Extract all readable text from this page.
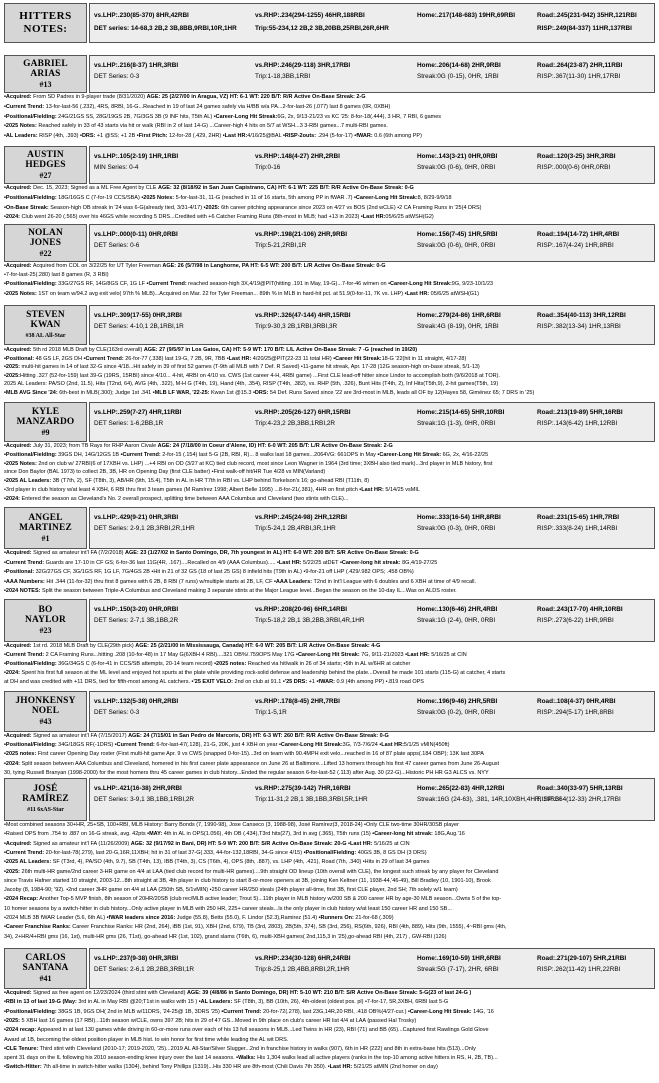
HITTERS NOTES:
vs.LHP:.230(85-370) 8HR,42RBI	vs.RHP:.234(294-1255) 46HR,188RBI	Home:.217(148-683) 19HR,69RBI	Road:.245(231-942) 35HR,121RBI
DET series: 14-68,3 2B,2 3B,8BB,9RBI,10R,1HR	Trip:55-234,12 2B,2 3B,20BB,25RBI,26R,6HR	RISP:.249(84-337) 11HR,137RBI
GABRIEL
ARIAS
#13
vs.LHP:.216(8-37) 1HR,3RBI	vs.RHP:.246(29-118) 3HR,17RBI	Home:.206(14-68) 2HR,9RBI	Road:.264(23-87) 2HR,11RBI
DET Series: 0-3	Trip:1-18,3BB,1RBI	Streak:0G (0-15), 0HR, 1RBI	RISP:.367(11-30) 1HR,17RBI
•Acquired: From SD Padres in 9-player trade (8/31/2020) AGE: 25 (2/27/00 in Aragua, VZ) HT: 6-1 WT: 220 B/T: R/R Active On-Base Streak: 2-G
•Current Trend: 13-for-last-56 (.232), 4RS, 8RBI, 16-G...Reached in 19 of last 24 games safely via H/BB w/a PA...2-for-last-26 (.077) last 8 games (0R, 0XBH)
•Positional/Fielding: 24G/21GS SS, 28G/19GS 2B, 7G/3GS 3B (9 INF hits, T5th AL) •Career-Long Hit Streak:6G, 2x, 9/13-21/23 vs KC '25: 8-for-18(.444), 3 HR, 7 RBI, 6 games
•2025 Notes: Reached safely in 33 of 43 starts via hit or walk (RBI in 2 of last 14-G) ...Career-high 4 hits on 5/7 at WSH...3 3-RBI games...7 multi-RBI games.
•AL Leaders: RISP (4th, .393) •DRS: +1 @SS; +1 2B •First Pitch: 12-for-28 (.429, 2HR) •Last HR:4/16/25@BAL •RISP-2outs: .294 (5-for-17) •fWAR: 0.6 (6th among PP)
AUSTIN
HEDGES
#27
vs.LHP:.105(2-19) 1HR,1RBI	vs.RHP:.148(4-27) 2HR,2RBI	Home:.143(3-21) 0HR,0RBI	Road:.120(3-25) 3HR,3RBI
MIN Series: 0-4	Trip:0-16	Streak:0G (0-6), 0HR, 0RBI	RISP:.000(0-6) 0HR,0RBI
•Acquired: Dec. 15, 2023; Signed as a ML Free Agent by CLE AGE: 32 (8/18/92 in San Juan Capistrano, CA) HT: 6-1 WT: 225 B/T: R/R Active On-Base Streak: 0-G
•Positional/Fielding: 18G/16GS C (7-for-19 CCS/SBA) •2025 Notes: 5-for-last-31, 11-G (reached in 11 of 16 starts, 5th among PP in fWAR .7) •Career-Long Hit Streak:8, 8/29-9/9/18
•On-Base Streak: Season-high OB streak in '24 was 6-G(already tied, 3/31-4/17) •2025: 6th career pitching appearance since 2023 on 4/27 vs BOS (2nd wCLE) •2 CA Framing Runs in '25(4 DRS)
•2024: Club went 26-20 (.565) over his 46GS while recording 5 DRS...Credited with +6 Catcher Framing Runs (8th-most in MLB; had +13 in 2023) •Last HR:05/6/25 atWSH(G2)
NOLAN
JONES
#22
vs.LHP:.000(0-11) 0HR,0RBI	vs.RHP:.198(21-106) 2HR,9RBI	Home:.156(7-45) 1HR,5RBI	Road:.194(14-72) 1HR,4RBI
DET Series: 0-6	Trip:5-21,2RBI,1R	Streak:0G (0-6), 0HR, 0RBI	RISP:.167(4-24) 1HR,8RBI
•Acquired: Acquired from COL on 3/22/25 for UT Tyler Freeman AGE: 26 (5/7/98 in Langhorne, PA HT: 6-5 WT: 200 B/T: L/R Active On-Base Streak: 0-G
•7-for-last-25(.280) last 8 games (R, 3 RBI)
•Positional/Fielding: 33G/27GS RF, 14G/8GS CF, 1G LF •Current Trend: reached season-high 3X,4/19@PIT(hitting .191 in May, 19-G)...7-for-46 w/men on •Career-Long Hit Streak:9G, 9/23-10/1/23
•2025 Notes: 1ST on team w/94.2 avg exit velo( 97th % MLB)...Acquired on Mar. 22 for Tyler Freeman... 89th % in MLB in hard-hit pct. at 51.9(0-for-11, 7K vs. LHP) •Last HR: 05/6/25 atWSH(G1)
STEVEN
KWAN
#38 AL All-Star
vs.LHP:.309(17-55) 0HR,3RBI	vs.RHP:.326(47-144) 4HR,15RBI	Home:.279(24-86) 1HR,6RBI	Road:.354(40-113) 3HR,12RBI
DET Series: 4-10,1 2B,1RBI,1R	Trip:9-30,3 2B,1RBI,3RBI,3R	Streak:4G (8-19), 0HR, 1RBI	RISP:.382(13-34) 1HR,13RBI
•Acquired: 5th rd 2018 MLB Draft by CLE(163rd overall) AGE: 27 (9/5/97 in Los Gatos, CA) HT: 5-9 WT: 170 B/T: L/L Active On-Base Streak: 7 -G (reached in 19/20)
•Positional: 48 GS LF, 2GS DH •Current Trend: 26-for-77 (.338) last 19-G, 7 2B, 9R, 7BB •Last HR: 4/20/25@PIT(22-23 11 total HR) •Career Hit Streak:18-G '22(hit in 11 straight, 4/17-28)
•2025: multi-hit games in 14 of last 32-G since 4/18...Hit safely in 39 of first 52 games (T-9th all MLB with 7 Def. R Saved) •11-game hit streak, Apr. 17-28 (12G season-high on-base streak, 5/1-13)
•2025:Hitting .327 (52-for-159) last 39-G (19RS, 15RBI) since 4/10... 4-hit, 4RBI on 4/10 vs. CWS (1st career 4-H, 4RBI game) ...First CLE lead-off hitter since Lindor to accomplish both (9/6/2018 at TOR).
2025 AL Leaders: PA/SO (2nd, 11.5), Hits (T2nd, 64), AVG (4th, .322), M-H G (T4th, 19), Hand (4th, .354), RISP (T4th, .382), vs. RHP (5th, .326), Bunt Hits (T4th, 2), Inf Hits(T5th,9), 2-hit games(T5th, 19)
•MLB AVG Since '24: 6th-best in MLB(.300); Judge 1st .341 •MLB LF WAR, '22-25: Kwan 1st @15.3 •DRS: 54 Def. Runs Saved since '22 are 3rd-most in MLB, leads all OF by 12(Hayes 58, Giménez 65; 7 DRS in '25)
KYLE
MANZARDO
#9
vs.LHP:.259(7-27) 4HR,11RBI	vs.RHP:.205(26-127) 6HR,15RBI	Home:.215(14-65) 5HR,10RBI	Road:.213(19-89) 5HR,16RBI
DET Series: 1-6,2BB,1R	Trip:4-23,2 2B,3BB,1RBI,2R	Streak:1G (1-3), 0HR, 0RBI	RISP:.143(6-42) 1HR,12RBI
•Acquired: July 31, 2023; from TB Rays for RHP Aaron Civale AGE: 24 (7/18/00 in Coeur d'Alene, ID) HT: 6-0 WT: 205 B/T: L/R Active On-Base Streak: 2-G
•Positional/Fielding: 39GS DH, 14G/12GS 1B •Current Trend: 2-for-15 (.154) last 5-G (2B, RBI, R)... 8 walks last 18 games...2064VG: 661OPS in May •Career-Long Hit Streak: 6G, 2x, 4/16-22/25
•2025 Notes: 2nd on club w/ 27RBI(6 of 17XBH vs. LHP) ...+4 RBI on OD (3/27 at KC) tied club record, most since Leon Wagner in 1964 (3rd time; 3XBH also tied mark)...3rd player in MLB history, first
since Don Baylor (BAL 1973) to collect 2B, 3B, HR on Opening Day (first CLE batter) •First walk-off hit/HR Tue 4/28 vs MIN(Varland)
•2025 AL Leaders: 3B (T7th, 2), SF (T8th, 3), AB/HR (9th, 15.4), T5th in AL in HR T7th in RBI vs. LHP behind Torkelson's 16; go-ahead RBI (T11th, 8)
•3rd player in club history w/at least 4 XBH, 6 RBI thru first 3 team games (M Ramírez 1998; Albert Belle 1995) ...8-for-21(.381), 4HR on first pitch •Last HR: 5/14/25 vsMIL
•2024: Entered the season as Cleveland's No. 2 overall prospect, splitting time between AAA Columbus and Cleveland (two stints with CLE)...
ANGEL
MARTINEZ
#1
vs.LHP:.429(9-21) 0HR,3RBI	vs.RHP:.245(24-98) 2HR,12RBI	Home:.333(16-54) 1HR,8RBI	Road:.231(15-65) 1HR,7RBI
DET Series: 2-9,1 2B,3RBI,2R,1HR	Trip:5-24,1 2B,4RBI,3R,1HR	Streak:0G (0-3), 0HR, 0RBI	RISP:.333(8-24) 1HR,14RBI
•Acquired: Signed as amateur int'l FA (7/2/2018) AGE: 23 (1/27/02 in Santo Domingo, DR, 7th youngest in AL) HT: 6-0 WT: 200 B/T: S/R Active On-Base Streak: 0-G
•Current Trend: Guards are 17-10 in CF GS; 6-for-36 last 11G(4R, .167)....Recalled on 4/9 (AAA Columbus)..... •Last HR: 5/22/25 atDET •Career-long hit streak: 8G,4/19-27/25
•Positional: 32G/27GS CF, 3G/1GS RF, 1G LF, 7G/4GS 2B •Hit in 21 of 32 GS (18 of last 25 GS) 8 infield hits (T9th in AL) •9-for-21 off LHP (.429/.982 OPS; .458 OB%)
•AAA Numbers: Hit .344 (11-for-32) thru first 8 games with 6 2B, 8 RBI (7 runs) w/multiple starts at 2B, LF, CF •AAA Leaders: T2nd in Int'l League with 6 doubles and 6 XBH at time of 4/9 recall.
•2024 NOTES: Split the season between Triple-A Columbus and Cleveland making 3 separate stints at the Major League level...Began the season on the 10-day IL...Was on ALDS roster.
BO
NAYLOR
#23
vs.LHP:.150(3-20) 0HR,0RBI	vs.RHP:.208(20-96) 6HR,14RBI	Home:.130(6-46) 2HR,4RBI	Road:.243(17-70) 4HR,10RBI
DET Series: 2-7,1 3B,1BB,2R	Trip:5-18,2 2B,1 3B,2BB,3RBI,4R,1HR	Streak:1G (2-4), 0HR, 0RBI	RISP:.273(6-22) 1HR,9RBI
•Acquired: 1st rd. 2018 MLB Draft by CLE(29th pick) AGE: 25 (2/21/00 in Mississauga, Canada) HT: 6-0 WT: 205 B/T: L/R Active On-Base Streak: 4-G
•Current Trend: 2 CA Framing Runs...hitting .208 (10-for-48) in 17 May G(6XBH 4 RBI)....321 OB%/.759OPS May 17G •Career-Long Hit Streak: 7G, 9/11-21/2023 •Last HR: 5/16/25 at CIN
•Positional/Fielding: 36G/34GS C (6-for-41 in CCS/SB attempts, 20-14 team record) •2025 notes: Reached via hit/walk in 26 of 34 starts; •5th in AL w/6HR at catcher
•2024: Spent his first full season at the ML level and enjoyed hot spurts at the plate while providing rock-solid defense and leadership behind the plate...Overall he made 101 starts (115-G) at catcher, 4 starts
at DH and was credited with +11 DRS, tied for fifth-most among AL catchers. •'25 EXIT VELO: 2nd on club at 91.1 •'25 DRS: +1 •fWAR: 0.9 (4th among PP) •.819 road OPS
JHONKENSY
NOEL
#43
vs.LHP:.132(5-38) 0HR,2RBI	vs.RHP:.178(8-45) 2HR,7RBI	Home:.196(9-46) 2HR,5RBI	Road:.108(4-37) 0HR,4RBI
DET Series: 0-3	Trip:1-5,1R	Streak:0G (0-2), 0HR, 0RBI	RISP:.294(5-17) 1HR,8RBI
•Acquired: Signed as amateur int'l FA (7/15/2017) AGE: 24 (7/15/01 in San Pedro de Marcoris, DR) HT: 6-3 WT: 260 B/T: R/R Active On-Base Streak: 0-G
•Positional/Fielding: 34G/18GS RF(-1DRS) •Current Trend: 6-for-last-47(.128), 21-G, 20K, just 4 XBH on year •Career-Long Hit Streak:3G, 7/3-7/6/24 •Last HR:5/1/25 vMIN(450ft)
•2025 notes: First career Opening Day roster (First multi-hit game Apr. 9 vs CWS (snapped 0-for-15)...3rd on team with 90.4MPH exit velo...reached in 16 of 87 plate apps(.184 OBP); 13K last 30PA
•2024: Split season between AAA Columbus and Cleveland, homered in his first career plate appearance on June 26 at Baltimore...Lifted 13 homers through his first 47 career games from June 26-August
30, tying Russell Branyan (1998-2000) for the most homers thru 45 career games in club history...Ended the regular season 6-for-last-52 (.113) after Aug. 30 (22-G)...Historic PH HR G3 ALCS vs. NYY
JOSÉ
RAMÍREZ
#11 6xAS-Star
vs.LHP:.421(16-38) 2HR,9RBI	vs.RHP:.275(39-142) 7HR,16RBI	Home:.265(22-83) 4HR,12RBI	Road:.340(33-97) 5HR,13RBI
DET Series: 3-9,1 3B,1BB,1RBI,2R	Trip:11-31,2 2B,1 3B,1BB,3RBI,5R,1HR	Streak:16G (24-63), .381, 14R,10XBH,4HR, 10RBI
RISP:.364(12-33) 2HR,17RBI
•Most combined seasons 30+HR, 25+SB, 100+RBI, MLB History: Barry Bonds (7, 1990-98), Jose Canseco (3, 1988-98), José Ramírez(3, 2018-24) •Only CLE two-time 30HR/30SB player
•Raised OPS from .754 to .887 on 16-G streak, avg. 42pts •MAY: 4th in AL in OPS(1.056), 4th OB (.434),T3rd hits(27), 3rd in avg (.365), T5th runs (15) •Career-long hit streak: 18G,Aug.'16
•Acquired: Signed as amateur int'l FA (11/26/2009) AGE: 32 (9/17/92 in Bani, DR) HT: 5-9 WT: 200 B/T: S/R Active On-Base Streak: 20-G •Last HR: 5/16/25 at CIN
•Current Trend: 20-for-last-78(.279), last 20-G,16R,11XBH; hit in 31 of last 37-G(.333, 44-for-132,18RBI, 34-G since 4/15) •Positional/Fielding: 40GS 3B, 8 GS DH (3 DRS)
•2025 AL Leaders: SF (T3rd, 4), PA/SO (4th, 9.7), SB (T4th, 13), IBB (T4th, 3), CS (T6th, 4), OPS (8th, .887), vs. LHP (4th, .421), Road (7th, .340) •Hits in 29 of last 34 games
•2025: 26th multi-HR game/2nd career 3-HR game on 4/4 at LAA (tied club record for multi-HR games)....9th straight OD lineup (10th overall with CLE), the longest such streak by any player for Cleveland
since Travis Hafner started 10 straight, 2003-12...8th straight at 3B, 4th player in club history to start 8-or-more openers at 3B, joining Ken Keltner (11, 1938-44,'46-49), Bill Bradley (10, 1901-10), Brook
Jacoby (8, 1984-90; '92). •2nd career 3HR game on 4/4 at LAA (250th SB, 5/1vMIN) •250 career HR/250 steals (24th player all-time, first 3B, first CLE player, 2nd SH; 7th solely w/1 team)
•2024 Recap: Another Top-5 MVP finish, 8th season of 20HR/20SB (club rec/MLB active leader; Trout 5)...11th player in MLB history w/200 SB & 200 career HR by age-30 MLB season...Owns 5 of the top-
10 homer seasons by a switch-hitter in club history...Only active player in MLB with 250 HR, 225+ career steals...Is the only player in club history w/at least 150 career HR and 150 SB...
•2024 MLB 3B fWAR Leader (5.6, 6th AL) •fWAR leaders since 2016: Judge (55.8), Betts (55.0), F. Lindor (52.3),Ramirez (51.4) •Runners On: 21-for-68 (.309)
•Career Franchise Ranks: Career Franchise Ranks: HR (2nd, 264), iBB (1st, 91), XBH (2nd, 679), TB (3rd, 2803), 2B(5th, 374), SB (3rd, 256), RS(6th, 926), RBI (4th, 889), Hits (9th, 1555), 4~RBI gms (4th,
34), 2+HR/4+RBI gms (16, 1st), multi-HR gms (26, T1st), go-ahead HR (1st, 102), grand slams (T6th, 6), multi-XBH games( 2nd,115,3 in '25),go-ahead RBI (4th, 217) , GW-RBI (126)
CARLOS
SANTANA
#41
vs.LHP:.237(9-38) 0HR,3RBI	vs.RHP:.234(30-128) 6HR,24RBI	Home:.169(10-59) 1HR,6RBI	Road:.271(29-107) 5HR,21RBI
DET Series: 2-6,1 2B,2BB,3RBI,1R	Trip:8-25,1 2B,4BB,8RBI,2R,1HR	Streak:5G (7-17), 2HR, 6RBI	RISP:.262(11-42) 1HR,22RBI
•Acquired: Signed as free agent on 12/23/2024 (third stint with Cleveland) AGE: 39 (4/8/86 in Santo Domingo, DR) HT: 5-10 WT: 210 B/T: S/R Active On-Base Streak: 5-G(23 of last 24-G )
•RBI in 13 of last 19-G (May: 3rd in AL in May RBI @20;T1st in walks with 15 ) •AL Leaders: SF (T8th, 3), BB (10th, 26), 4th-oldest (oldest pos. pl) •7-for-17, 5R,3XBH, 6RBI last 5-G
•Positional/Fielding: 38GS 1B, 9GS DH( 2nd in MLB w/11DRS, '24-25@ 1B, 3DRS '25) •Current Trend: 20-for-72(.278), last 23G,14R,20 RBI, .418 OB%(4/27-cur.) •Career-Long Hit Streak: 14G, '16
•2025: 5 XBH last 16 games (17 RBI)...11th season w/CLE, owns 397 2B; hits in 29 of 47 GS...Moved in 9th place on club's career HR list 4/4 at LAA (passed Hal Trosky)
•2024 recap: Appeared in at last 130 games while driving in 60-or-more runs over each of his 13 full seasons in MLB...Led Twins in HR (23), RBI (71) and BB (65)...Captured first Rawlings Gold Glove
Award at 1B, becoming the oldest position player in MLB hist. to win honor for first time while leading the AL wit DRS.
•CLE Tenure: Third stint with Cleveland (2010-17; 2019-2020, '25)...2019 AL All-Star/Silver Slugger...2nd in franchise history in walks (907), 6th in HR (222) and 8th in extra-base hits (513)...Only
spent 31 days on the IL following his 2010 season-ending knee injury over the last 14 seasons. •Walks: His 1,304 walks lead all active players (ranks in the top-10 among active hitters in RS, H, 2B, TB)...
•Switch-Hitter: 7th all-time in switch-hitter walks (1304), behind Tony Phillips (1319)...His 330 HR are 8th-most (Chili Davis 7th 350). •Last HR: 5/21/25 atMIN (2nd homer on day)
